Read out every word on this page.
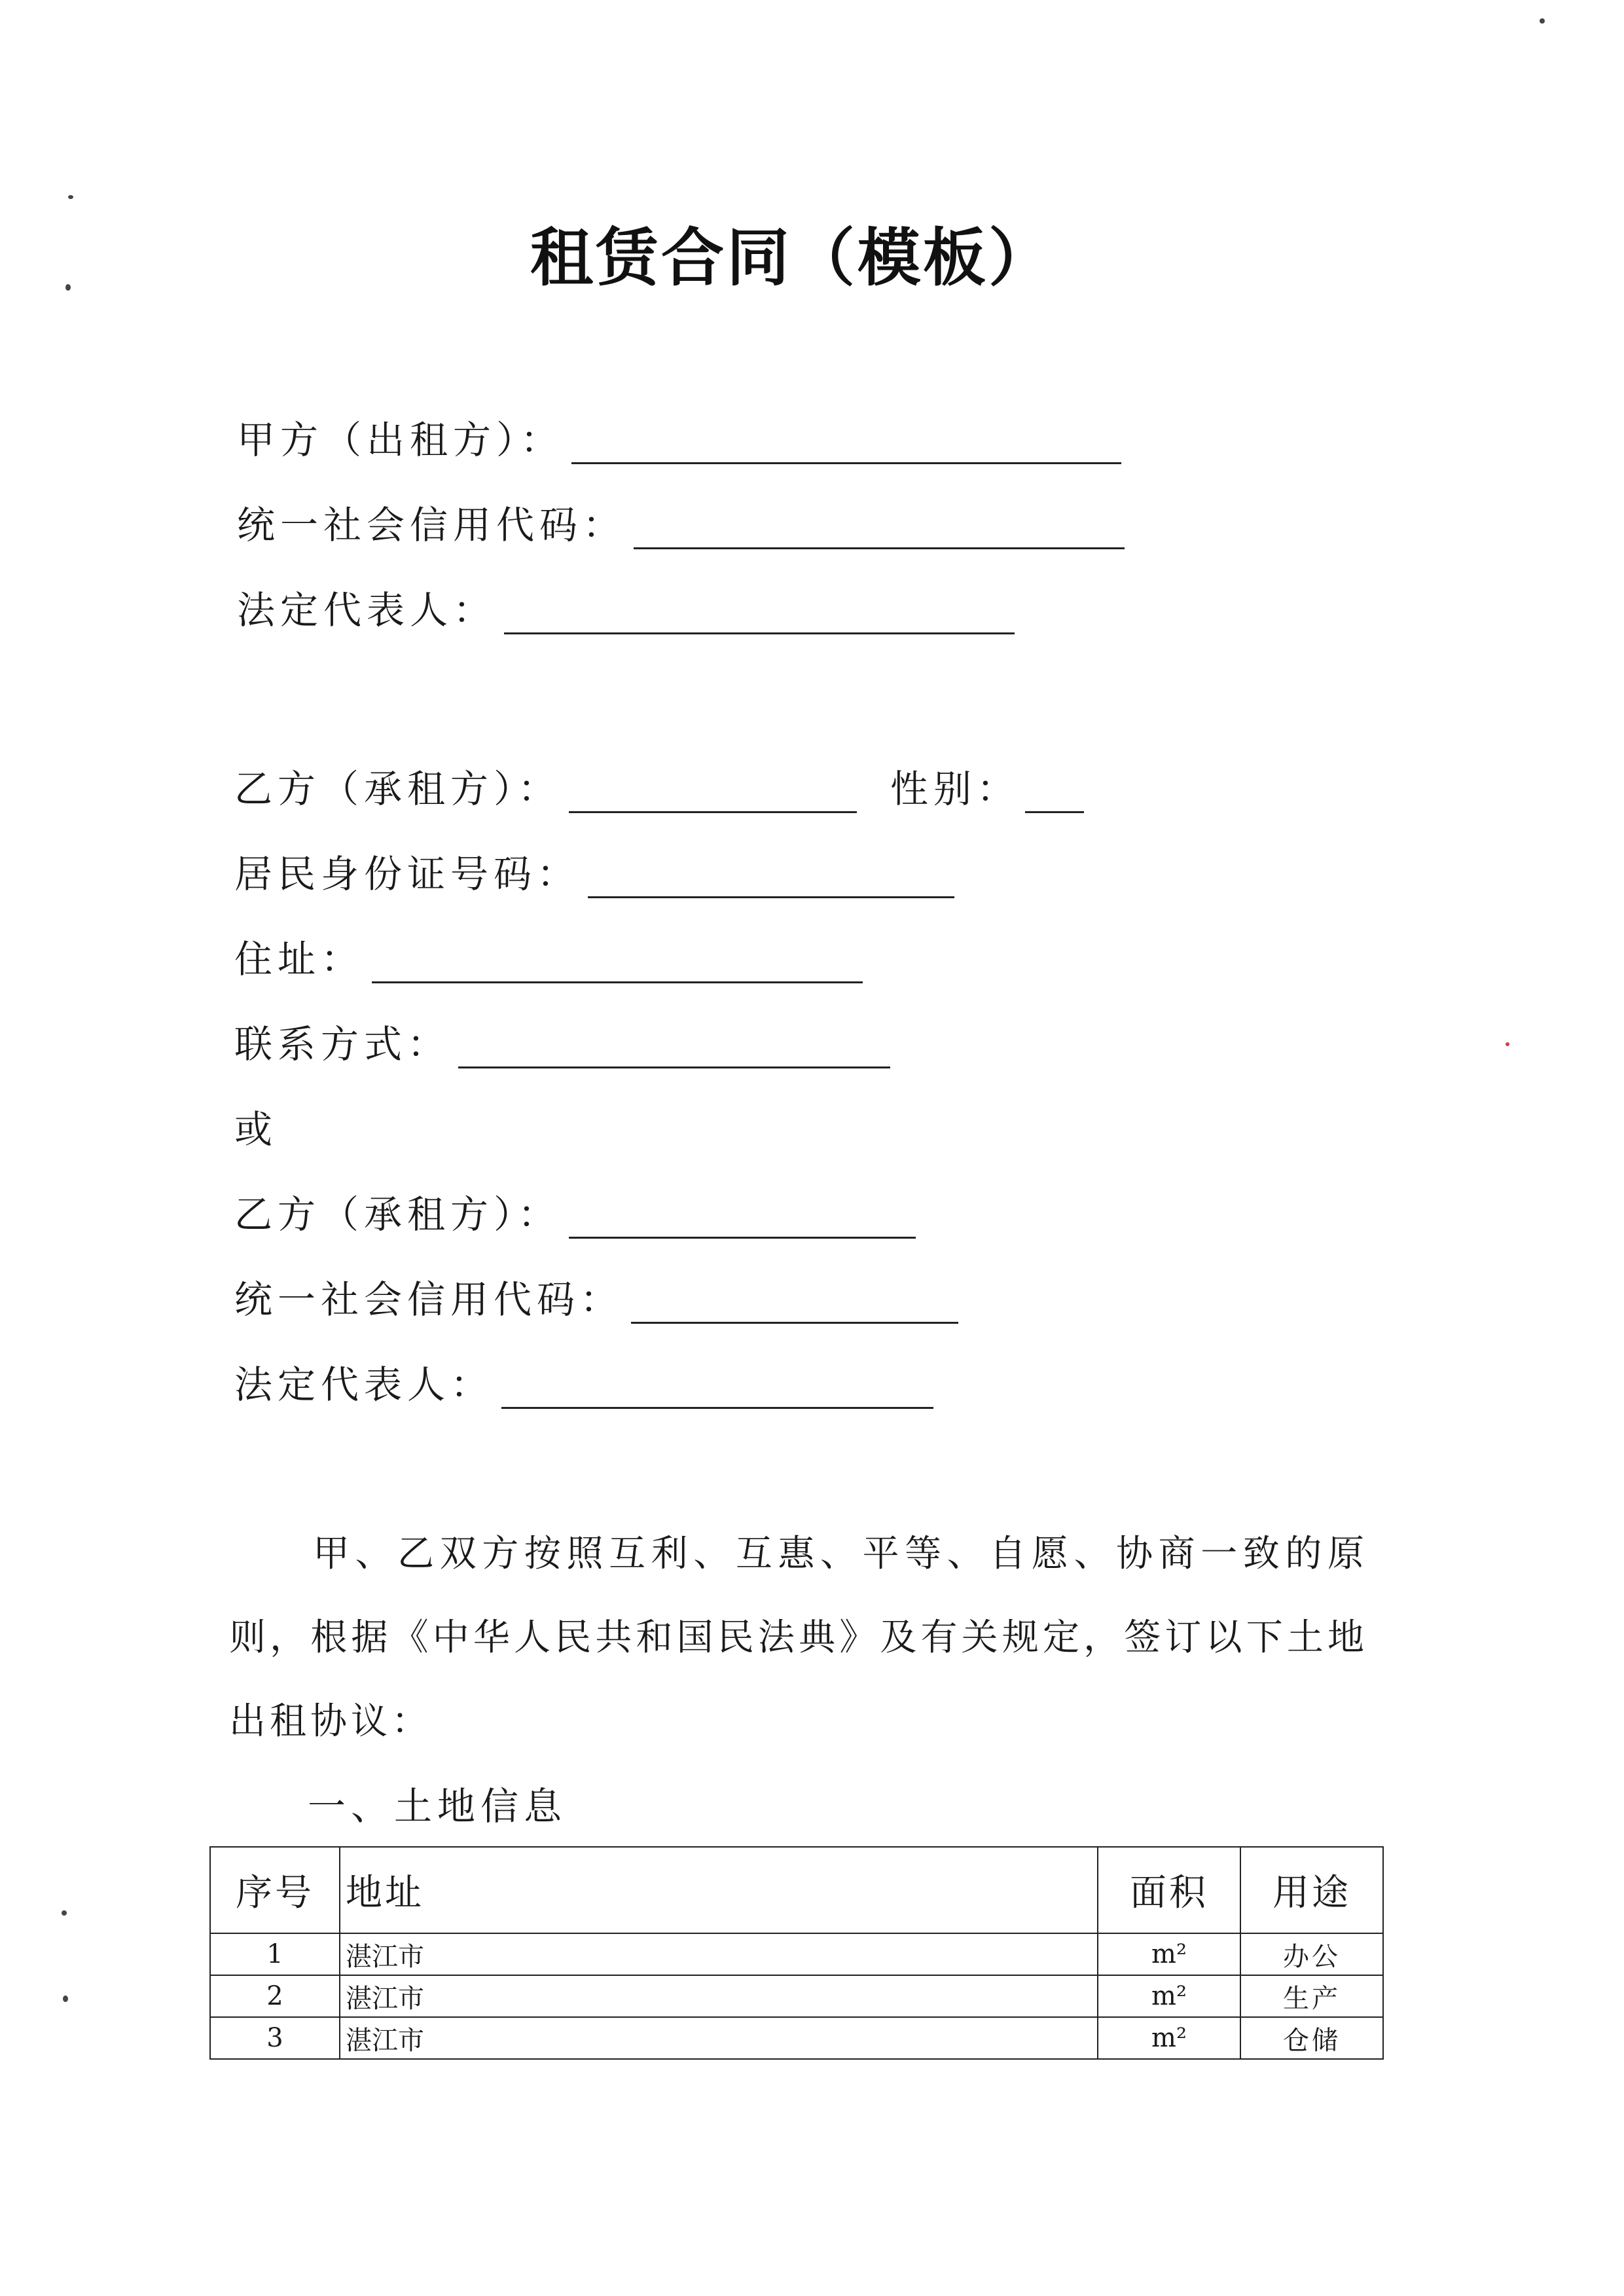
租赁合同（模板）
甲方（出租方）：
统一社会信用代码：
法定代表人：
乙方（承租方）：	性别：
居民身份证号码：
住址：
联系方式：
或
乙方（承租方）：
统一社会信用代码：
法定代表人：
甲、乙双方按照互利、互惠、平等、自愿、协商一致的原则，根据《中华人民共和国民法典》及有关规定，签订以下土地出租协议：
一、土地信息
序号	地址	面积	用途
1	湛江市	m²	办公
2	湛江市	m²	生产
3	湛江市	m²	仓储
